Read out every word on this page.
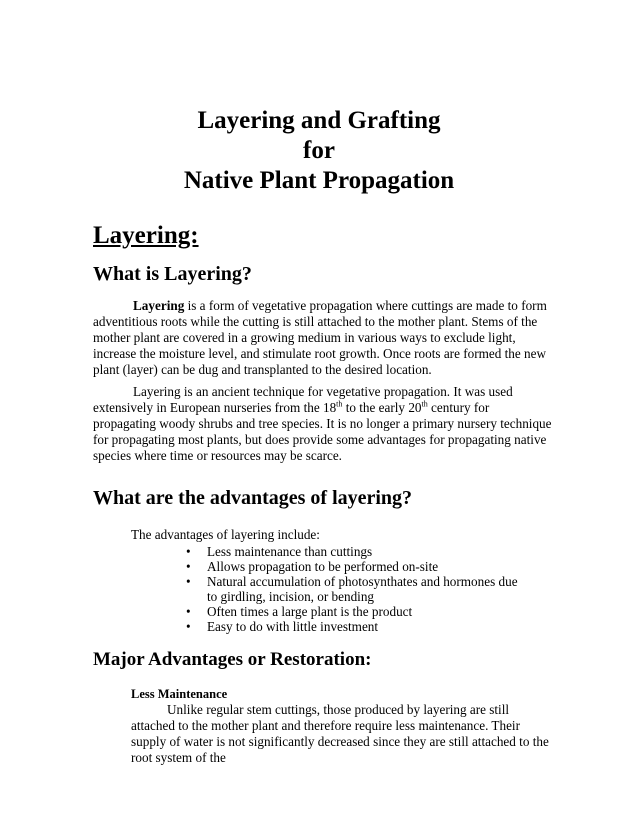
Layering and Grafting

for

Native Plant Propagation

Layering:
What is Layering?

Layering is a form of vegetative propagation where cuttings are made to form adventitious roots while the cutting is still attached to the mother plant. Stems of the mother plant are covered in a growing medium in various ways to exclude light, increase the moisture level, and stimulate root growth. Once roots are formed the new plant (layer) can be dug and transplanted to the desired location.

Layering is an ancient technique for vegetative propagation. It was used extensively in European nurseries from the 18th to the early 20th century for propagating woody shrubs and tree species. It is no longer a primary nursery technique for propagating most plants, but does provide some advantages for propagating native species where time or resources may be scarce.

What are the advantages of layering?

The advantages of layering include:

• Less maintenance than cuttings
• Allows propagation to be performed on-site
• Natural accumulation of photosynthates and hormones due to girdling, incision, or bending
• Often times a large plant is the product
• Easy to do with little investment
Major Advantages or Restoration:
Less Maintenance

Unlike regular stem cuttings, those produced by layering are still attached to the mother plant and therefore require less maintenance. Their supply of water is not significantly decreased since they are still attached to the root system of the
